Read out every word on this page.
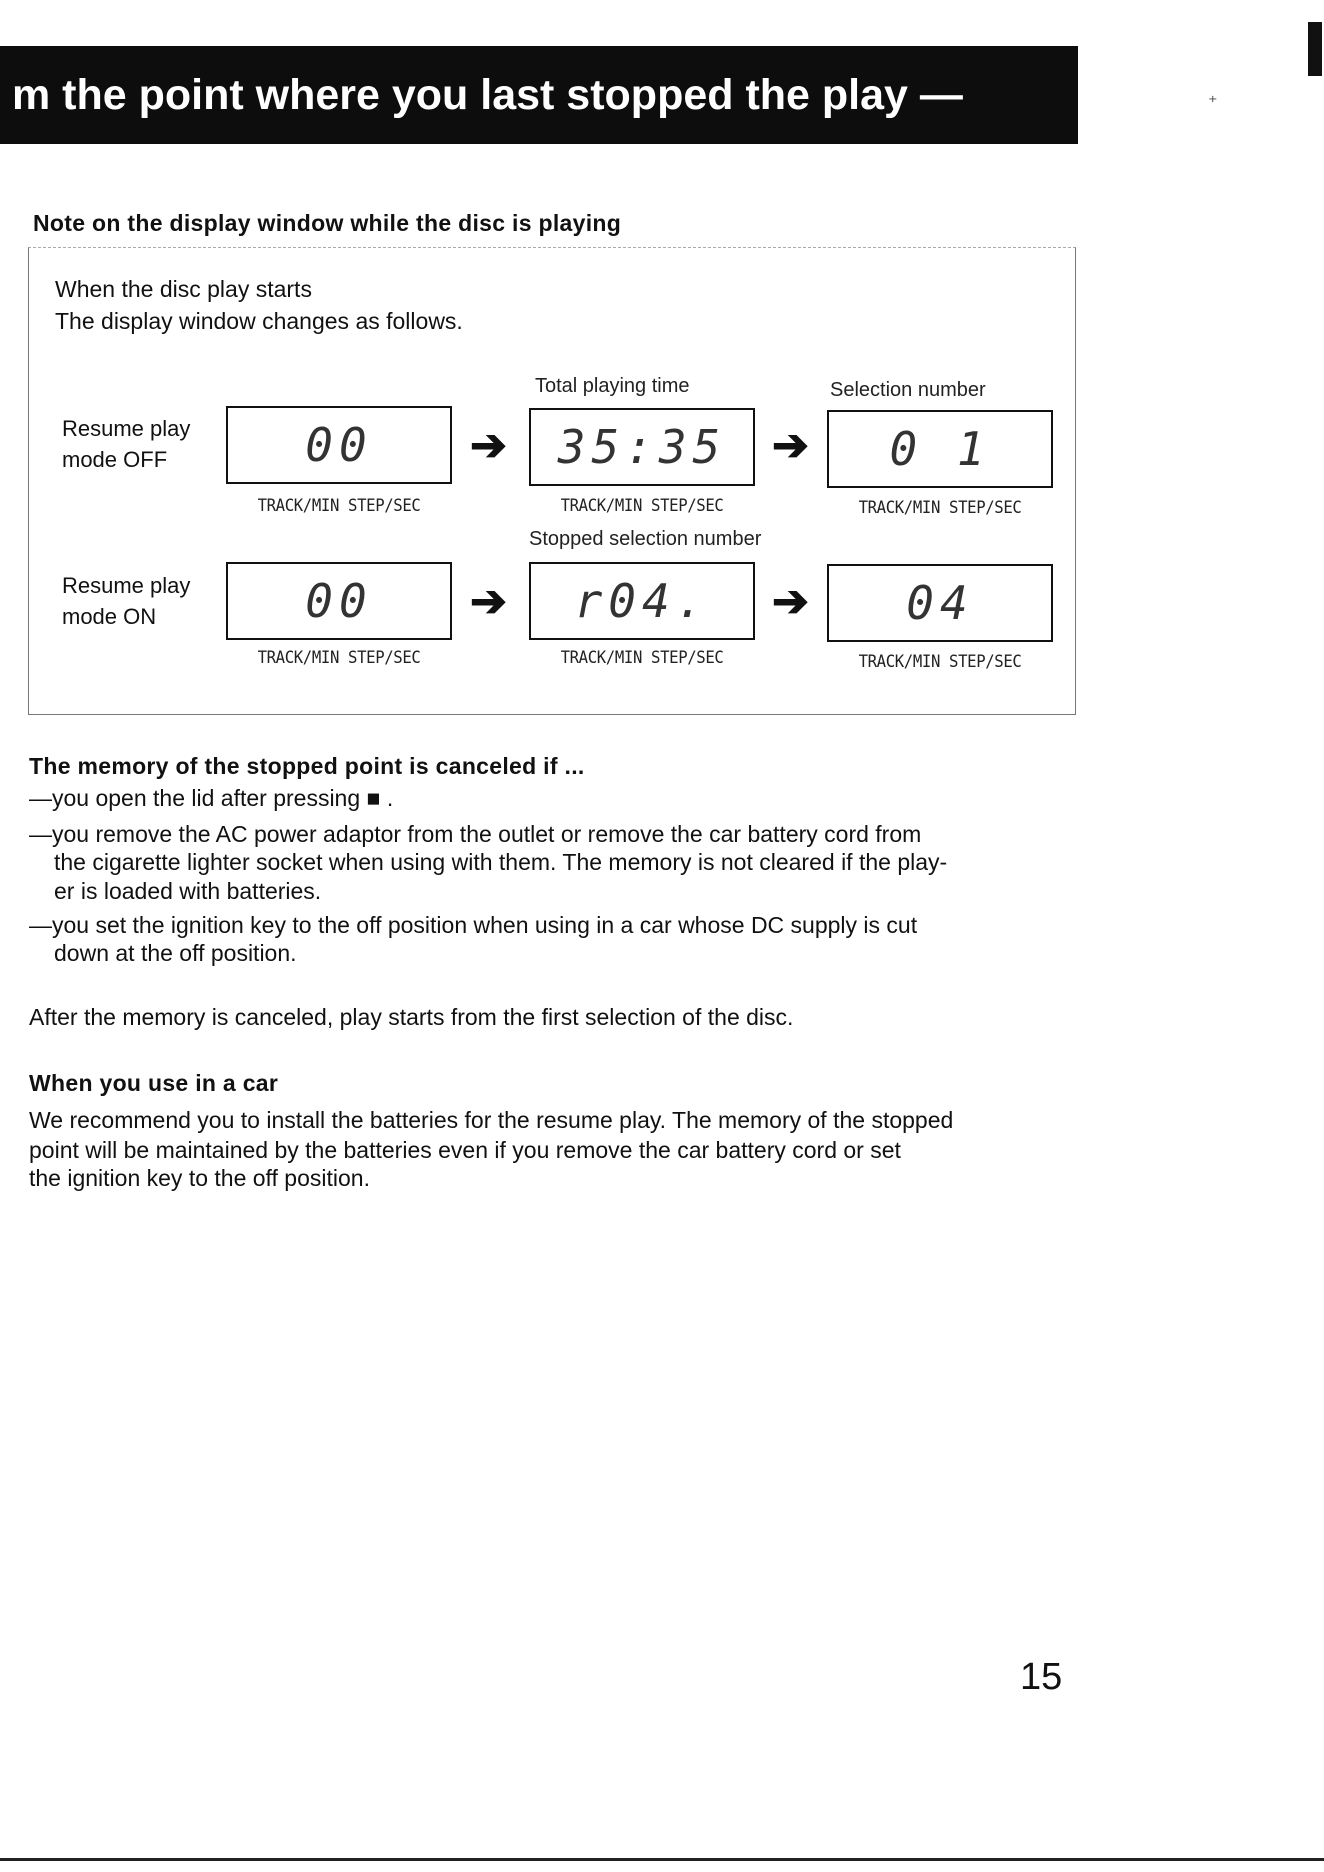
m the point where you last stopped the play —	⁺
Note on the display window while the disc is playing
When the disc play starts
The display window changes as follows.
Total playing time	Selection number
Resume play
mode OFF	00	➔	35:35	➔	0 1
TRACK/MIN STEP/SEC	TRACK/MIN STEP/SEC	TRACK/MIN STEP/SEC
Stopped selection number
Resume play
mode ON	00	➔	r04.	➔	04
TRACK/MIN STEP/SEC	TRACK/MIN STEP/SEC	TRACK/MIN STEP/SEC
The memory of the stopped point is canceled if ...
—you open the lid after pressing ■ .
—you remove the AC power adaptor from the outlet or remove the car battery cord from
the cigarette lighter socket when using with them. The memory is not cleared if the play-
er is loaded with batteries.
—you set the ignition key to the off position when using in a car whose DC supply is cut
down at the off position.
After the memory is canceled, play starts from the first selection of the disc.
When you use in a car
We recommend you to install the batteries for the resume play. The memory of the stopped
point will be maintained by the batteries even if you remove the car battery cord or set
the ignition key to the off position.
15
